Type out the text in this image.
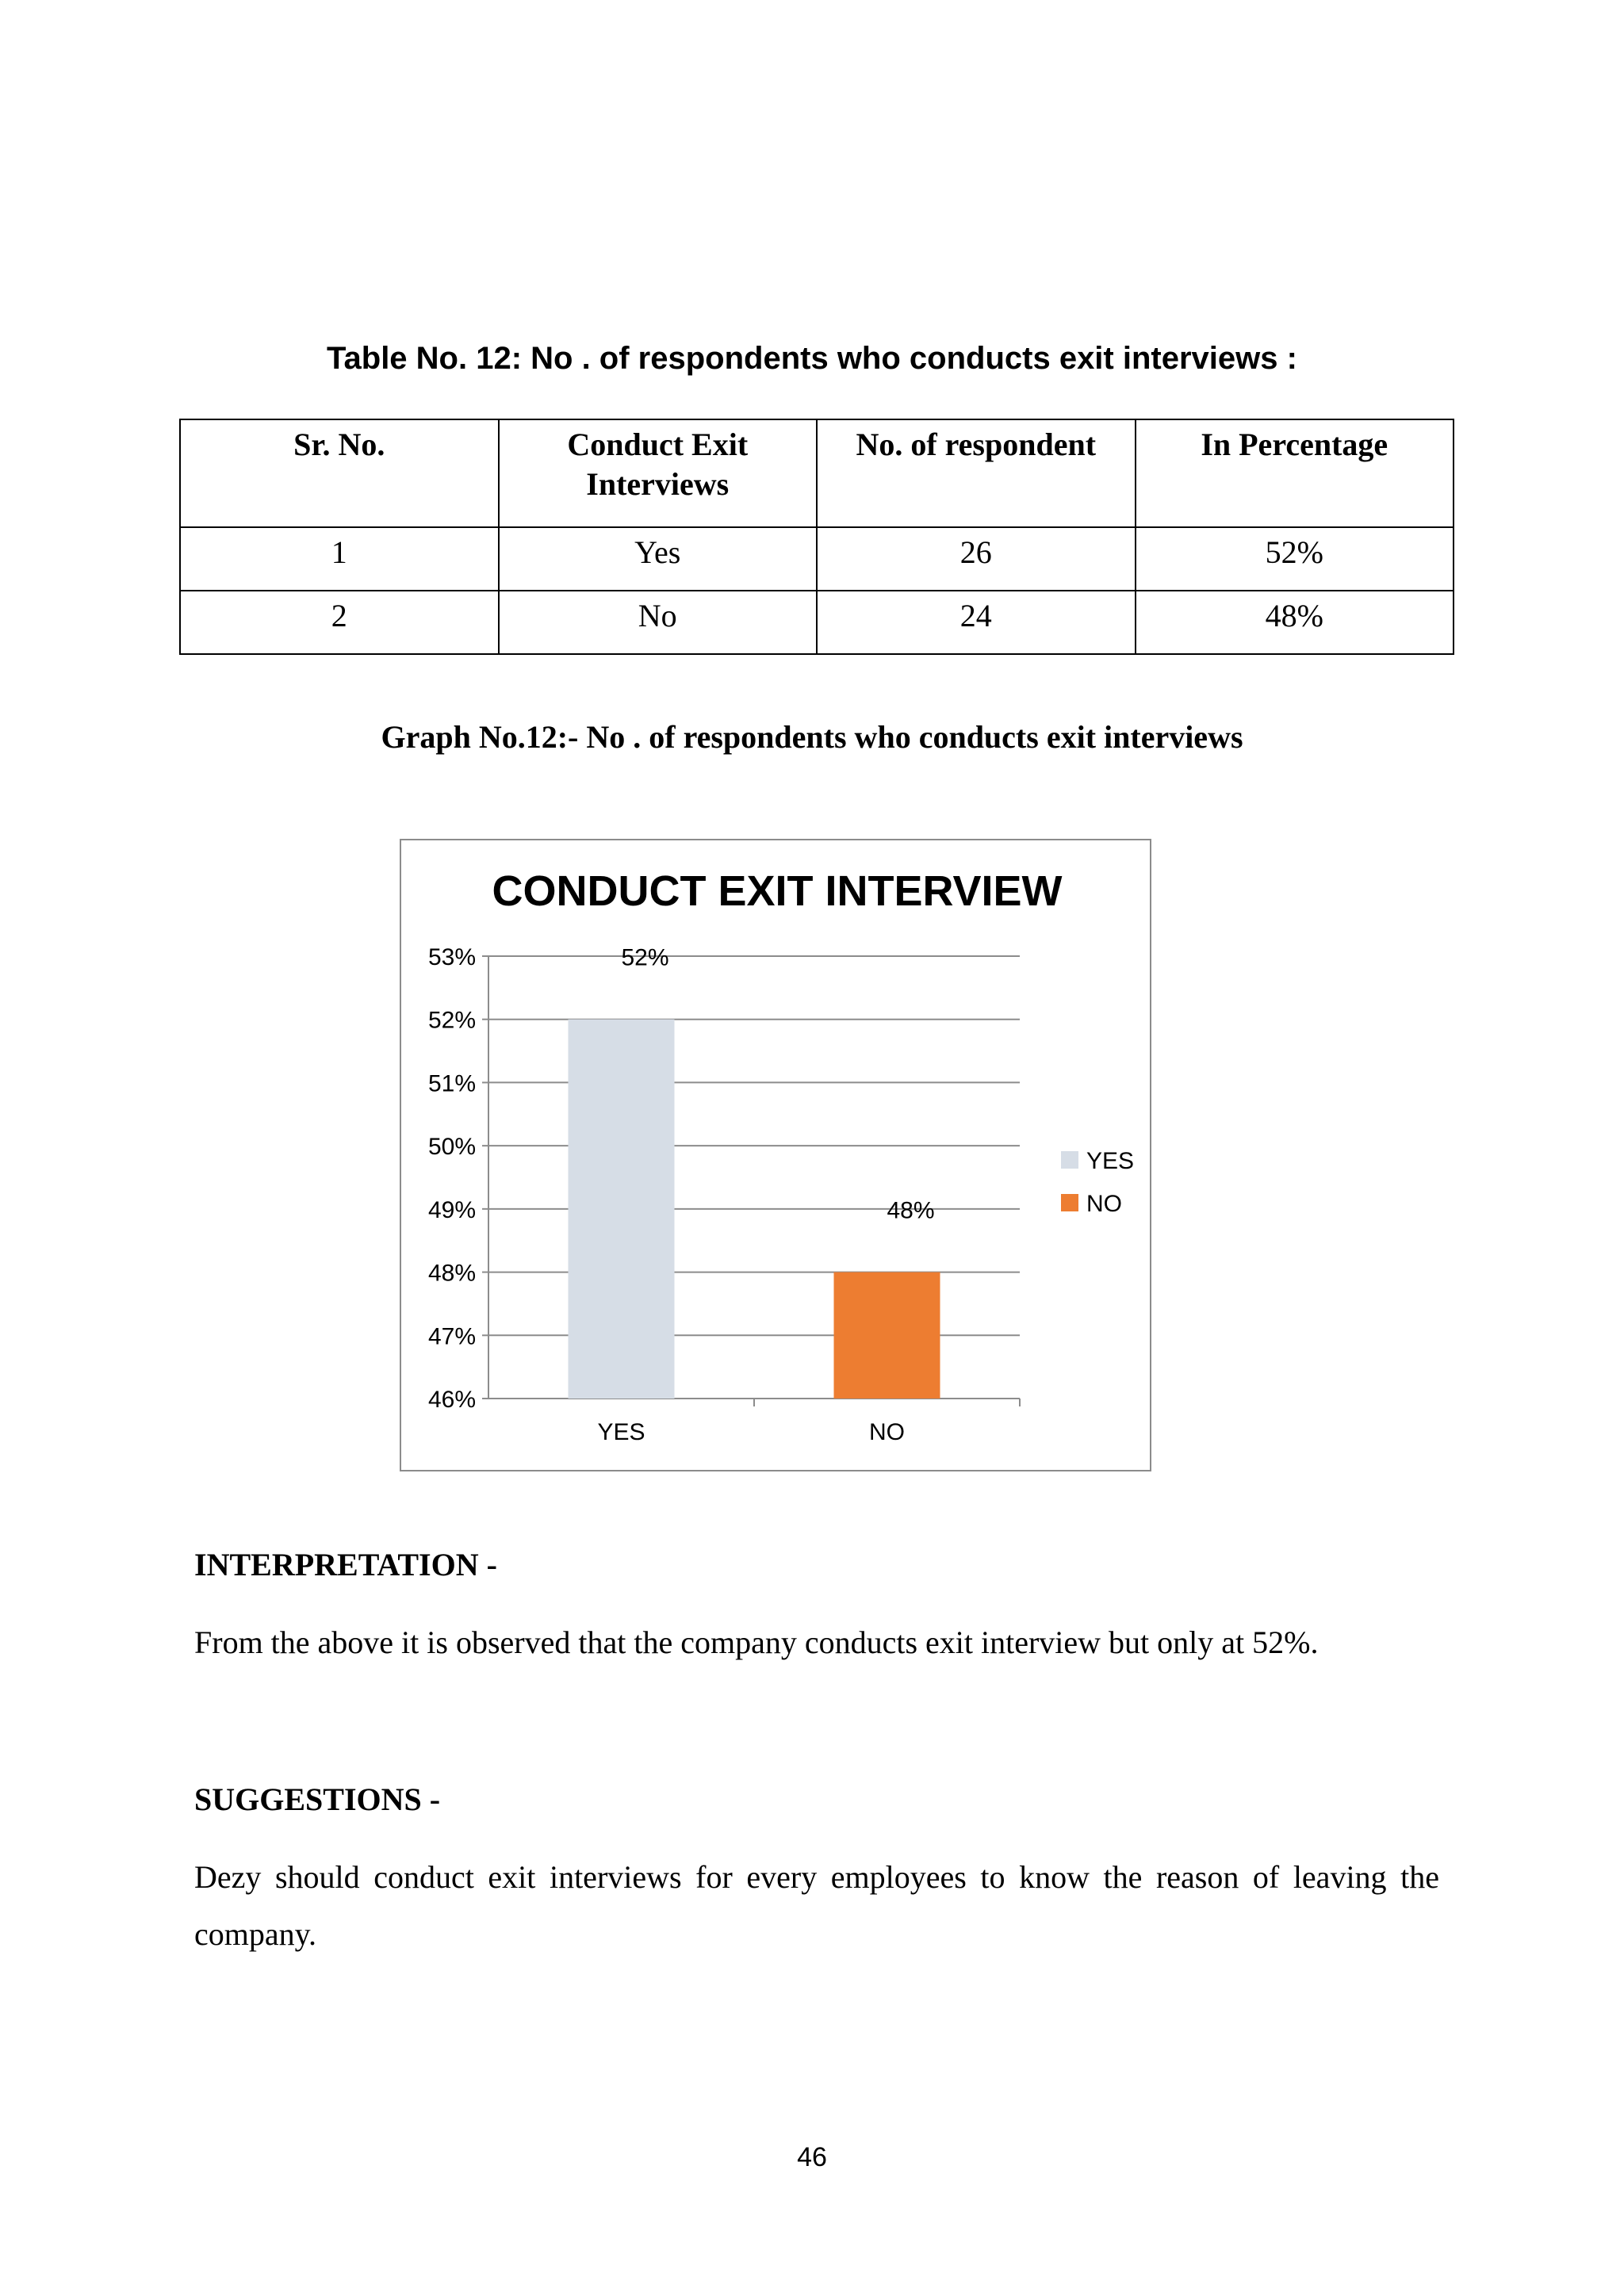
Table No. 12: No . of respondents who conducts exit interviews :
Sr. No.	Conduct Exit Interviews	No. of respondent	In Percentage
1	Yes	26	52%
2	No	24	48%
Graph No.12:- No . of respondents who conducts exit interviews
CONDUCT EXIT INTERVIEW
46%
47%
48%
49%
50%
51%
52%
53%
YES
52%
NO
48%
YES
NO
INTERPRETATION -
From the above it is observed that the company conducts exit interview but only at 52%.
SUGGESTIONS -
Dezy should conduct exit interviews for every employees to know the reason of leaving the company.
46
